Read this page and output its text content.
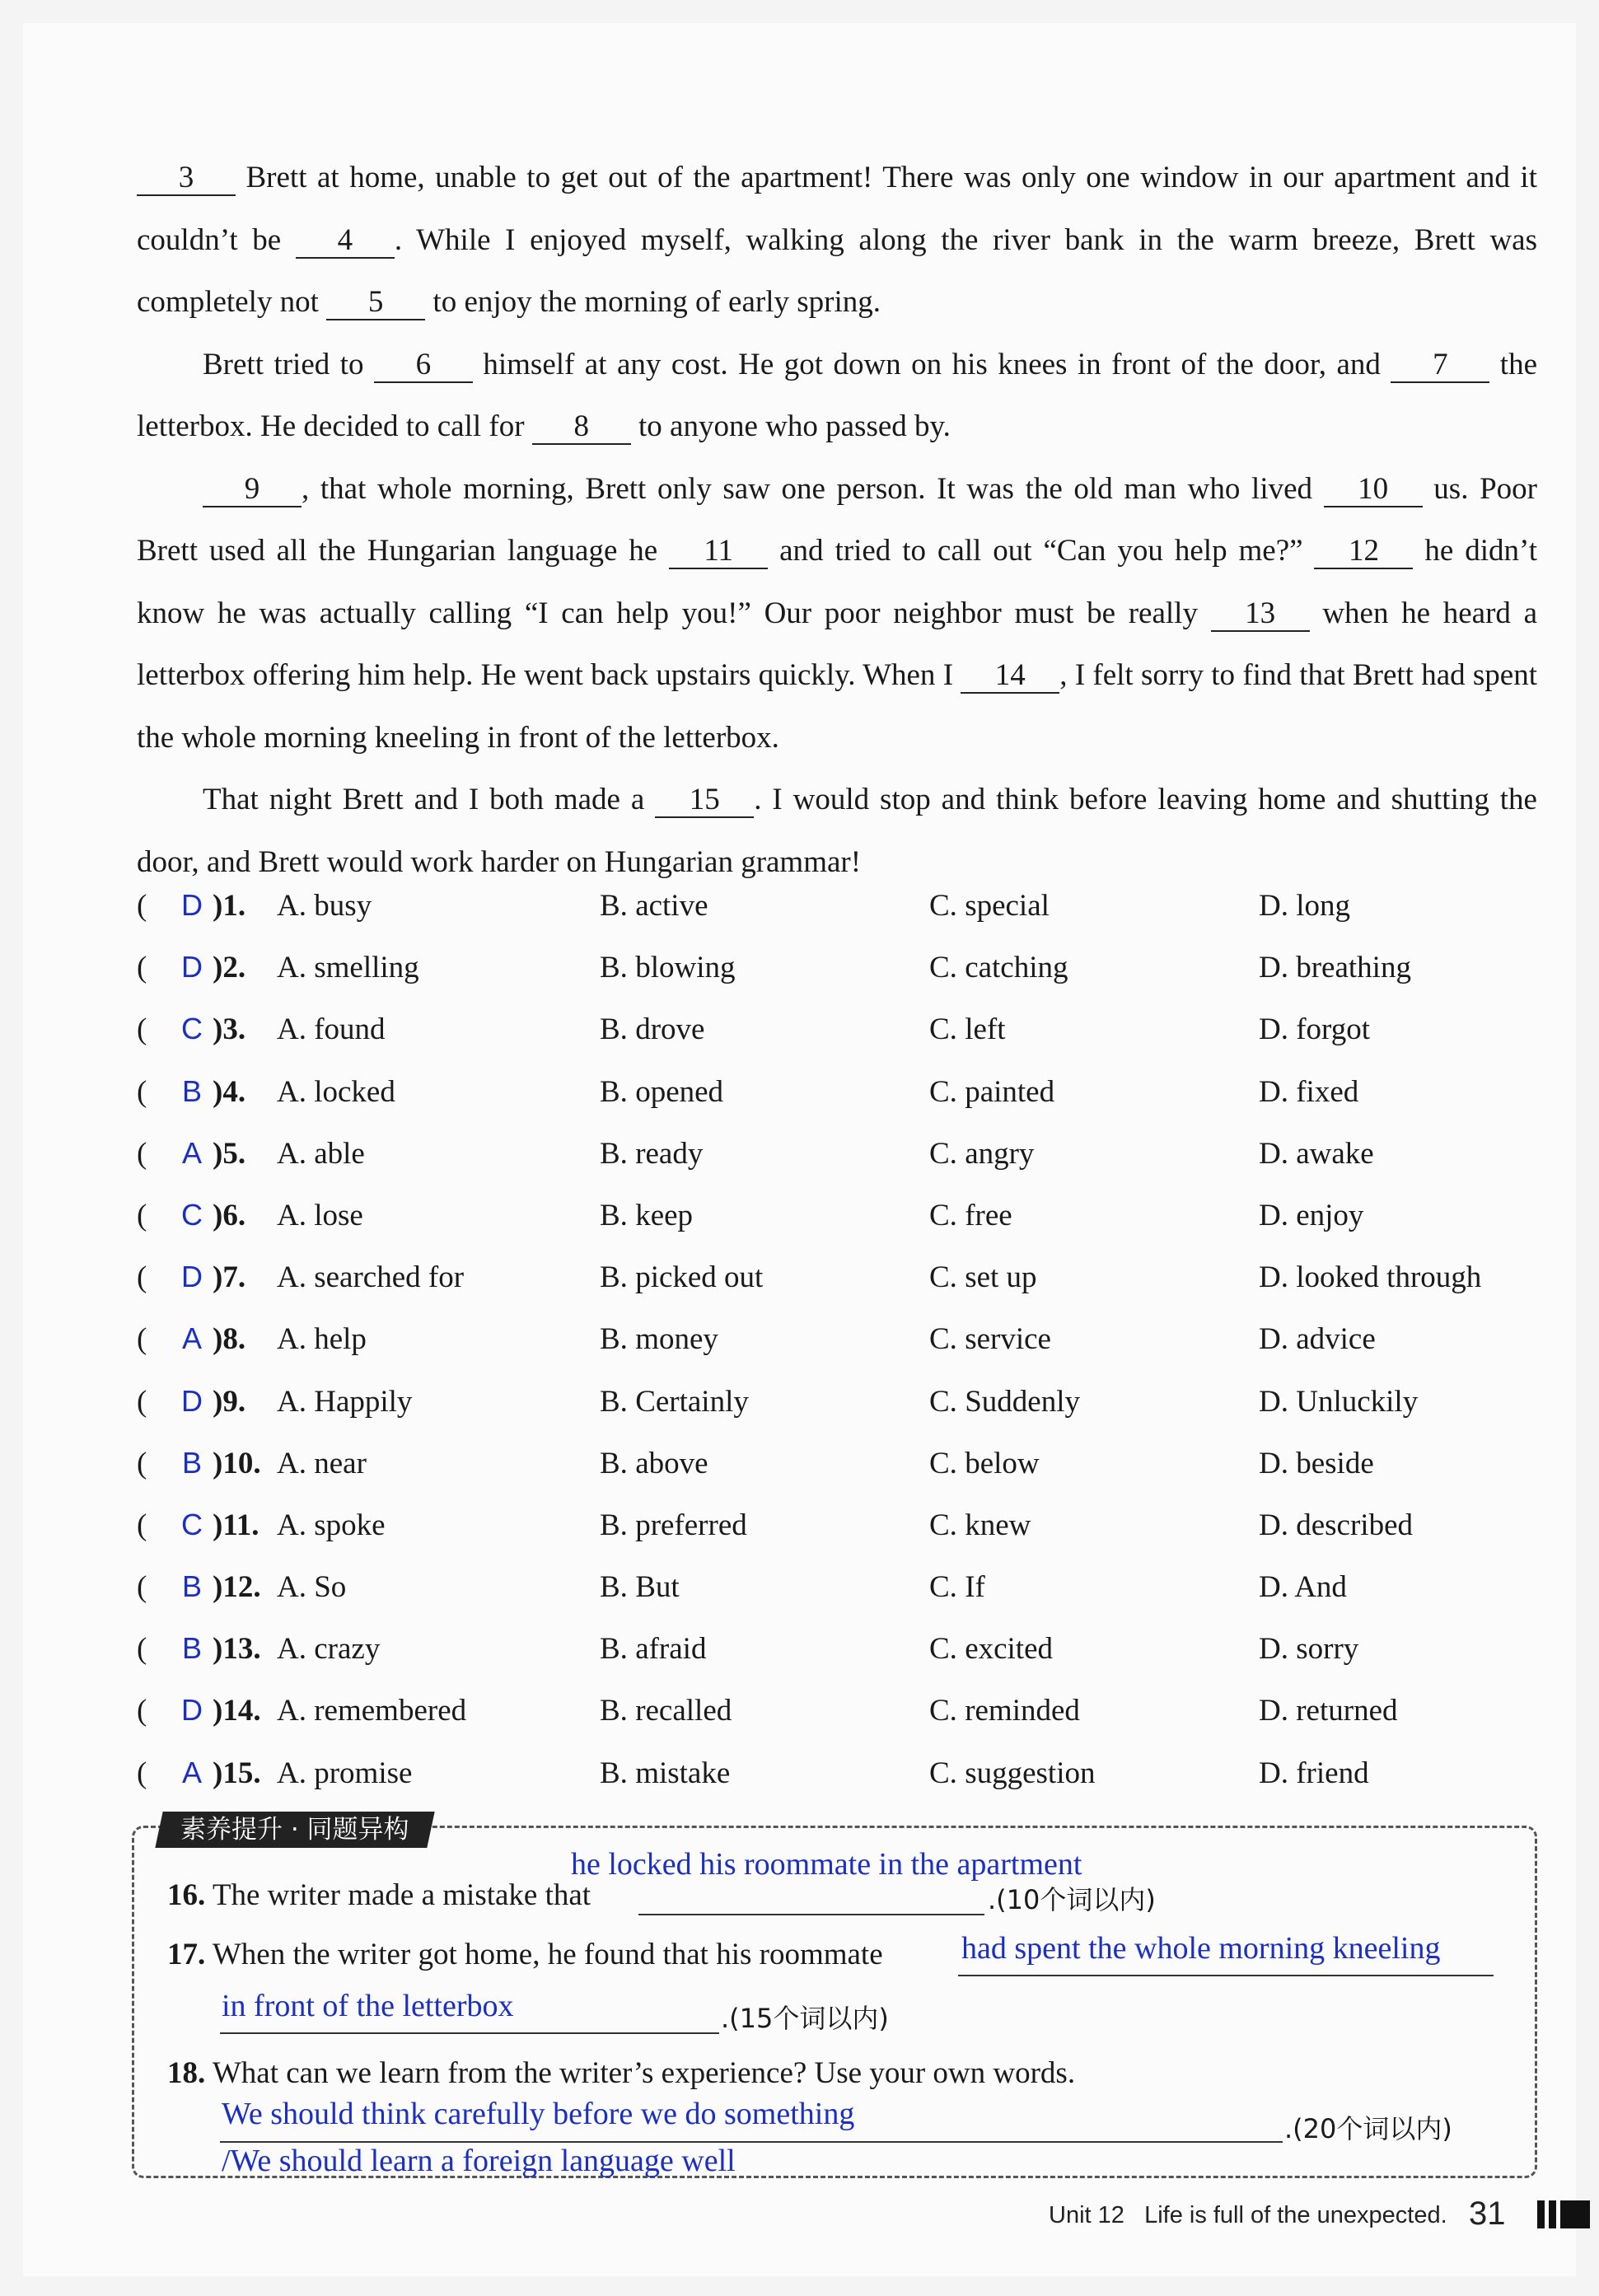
3 Brett at home, unable to get out of the apartment! There was only one window in our apartment and it couldn’t be 4 . While I enjoyed myself, walking along the river bank in the warm breeze, Brett was completely not 5 to enjoy the morning of early spring.

Brett tried to 6 himself at any cost. He got down on his knees in front of the door, and 7 the letterbox. He decided to call for 8 to anyone who passed by.

9 , that whole morning, Brett only saw one person. It was the old man who lived 10 us. Poor Brett used all the Hungarian language he 11 and tried to call out “Can you help me?” 12 he didn’t know he was actually calling “I can help you!” Our poor neighbor must be really 13 when he heard a letterbox offering him help. He went back upstairs quickly. When I 14 , I felt sorry to find that Brett had spent the whole morning kneeling in front of the letterbox.

That night Brett and I both made a 15 . I would stop and think before leaving home and shutting the door, and Brett would work harder on Hungarian grammar!

(	D )1. A. busy	B. active	C. special	D. long
(	D )2. A. smelling	B. blowing	C. catching	D. breathing
(	C )3. A. found	B. drove	C. left	D. forgot
(	B )4. A. locked	B. opened	C. painted	D. fixed
(	A )5. A. able	B. ready	C. angry	D. awake
(	C )6. A. lose	B. keep	C. free	D. enjoy
(	D )7. A. searched for	B. picked out	C. set up	D. looked through
(	A )8. A. help	B. money	C. service	D. advice
(	D )9. A. Happily	B. Certainly	C. Suddenly	D. Unluckily
(	B )10. A. near	B. above	C. below	D. beside
(	C )11. A. spoke	B. preferred	C. knew	D. described
(	B )12. A. So	B. But	C. If	D. And
(	B )13. A. crazy	B. afraid	C. excited	D. sorry
(	D )14. A. remembered	B. recalled	C. reminded	D. returned
(	A )15. A. promise	B. mistake	C. suggestion	D. friend
素养提升 · 同题异构
16. The writer made a mistake that
he locked his roommate in the apartment
.(10个词以内)
17. When the writer got home, he found that his roommate	had spent the whole morning kneeling
in front of the letterbox	.(15个词以内)
18. What can we learn from the writer’s experience? Use your own words.
We should think carefully before we do something
/We should learn a foreign language well
.(20个词以内)
Unit 12 Life is full of the unexpected. 31
